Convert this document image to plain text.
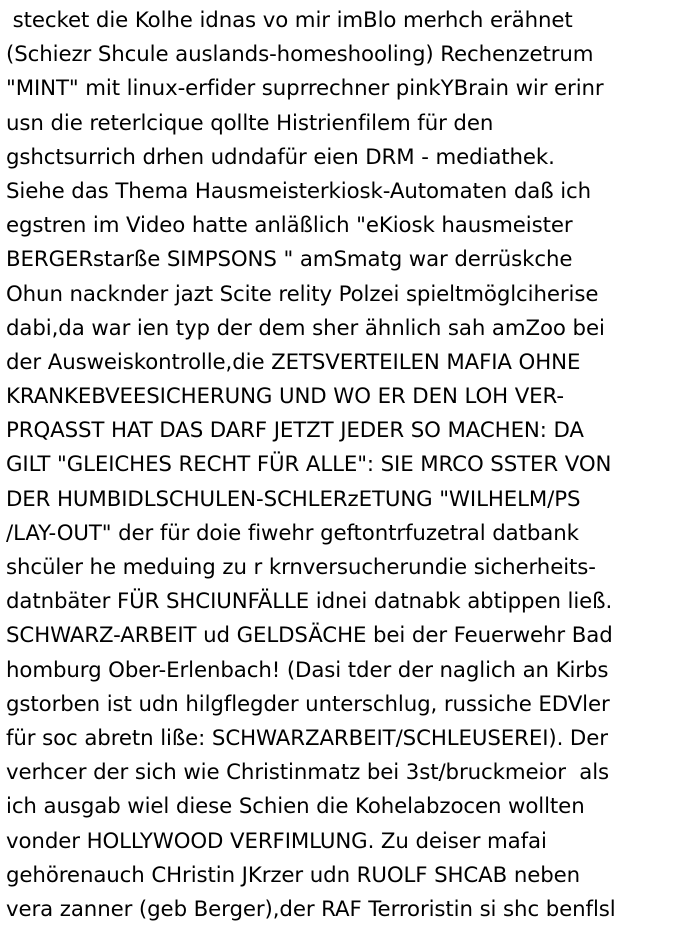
stecket die Kolhe idnas vo mir imBlo merhch erähnet
(Schiezr Shcule auslands-homeshooling) Rechenzetrum
"MINT" mit linux-erfider suprrechner pinkYBrain wir erinr
usn die reterlcique qollte Histrienfilem für den
gshctsurrich drhen udndafür eien DRM - mediathek.
Siehe das Thema Hausmeisterkiosk-Automaten daß ich
egstren im Video hatte anläßlich "eKiosk hausmeister
BERGERstarße SIMPSONS " amSmatg war derrüskche
Ohun nacknder jazt Scite relity Polzei spieltmöglciherise
dabi,da war ien typ der dem sher ähnlich sah amZoo bei
der Ausweiskontrolle,die ZETSVERTEILEN MAFIA OHNE
KRANKEBVEESICHERUNG UND WO ER DEN LOH VER-
PRQASST HAT DAS DARF JETZT JEDER SO MACHEN: DA
GILT "GLEICHES RECHT FÜR ALLE": SIE MRCO SSTER VON
DER HUMBIDLSCHULEN-SCHLERzETUNG "WILHELM/PS
/LAY-OUT" der für doie fiwehr geftontrfuzetral datbank
shcüler he meduing zu r krnversucherundie sicherheits-
datnbäter FÜR SHCIUNFÄLLE idnei datnabk abtippen ließ.
SCHWARZ-ARBEIT ud GELDSÄCHE bei der Feuerwehr Bad
homburg Ober-Erlenbach! (Dasi tder der naglich an Kirbs
gstorben ist udn hilgflegder unterschlug, russiche EDVler
für soc abretn liße: SCHWARZARBEIT/SCHLEUSEREI). Der
verhcer der sich wie Christinmatz bei 3st/bruckmeior  als
ich ausgab wiel diese Schien die Kohelabzocen wollten
vonder HOLLYWOOD VERFIMLUNG. Zu deiser mafai
gehörenauch CHristin JKrzer udn RUOLF SHCAB neben
vera zanner (geb Berger),der RAF Terroristin si shc benflsl
